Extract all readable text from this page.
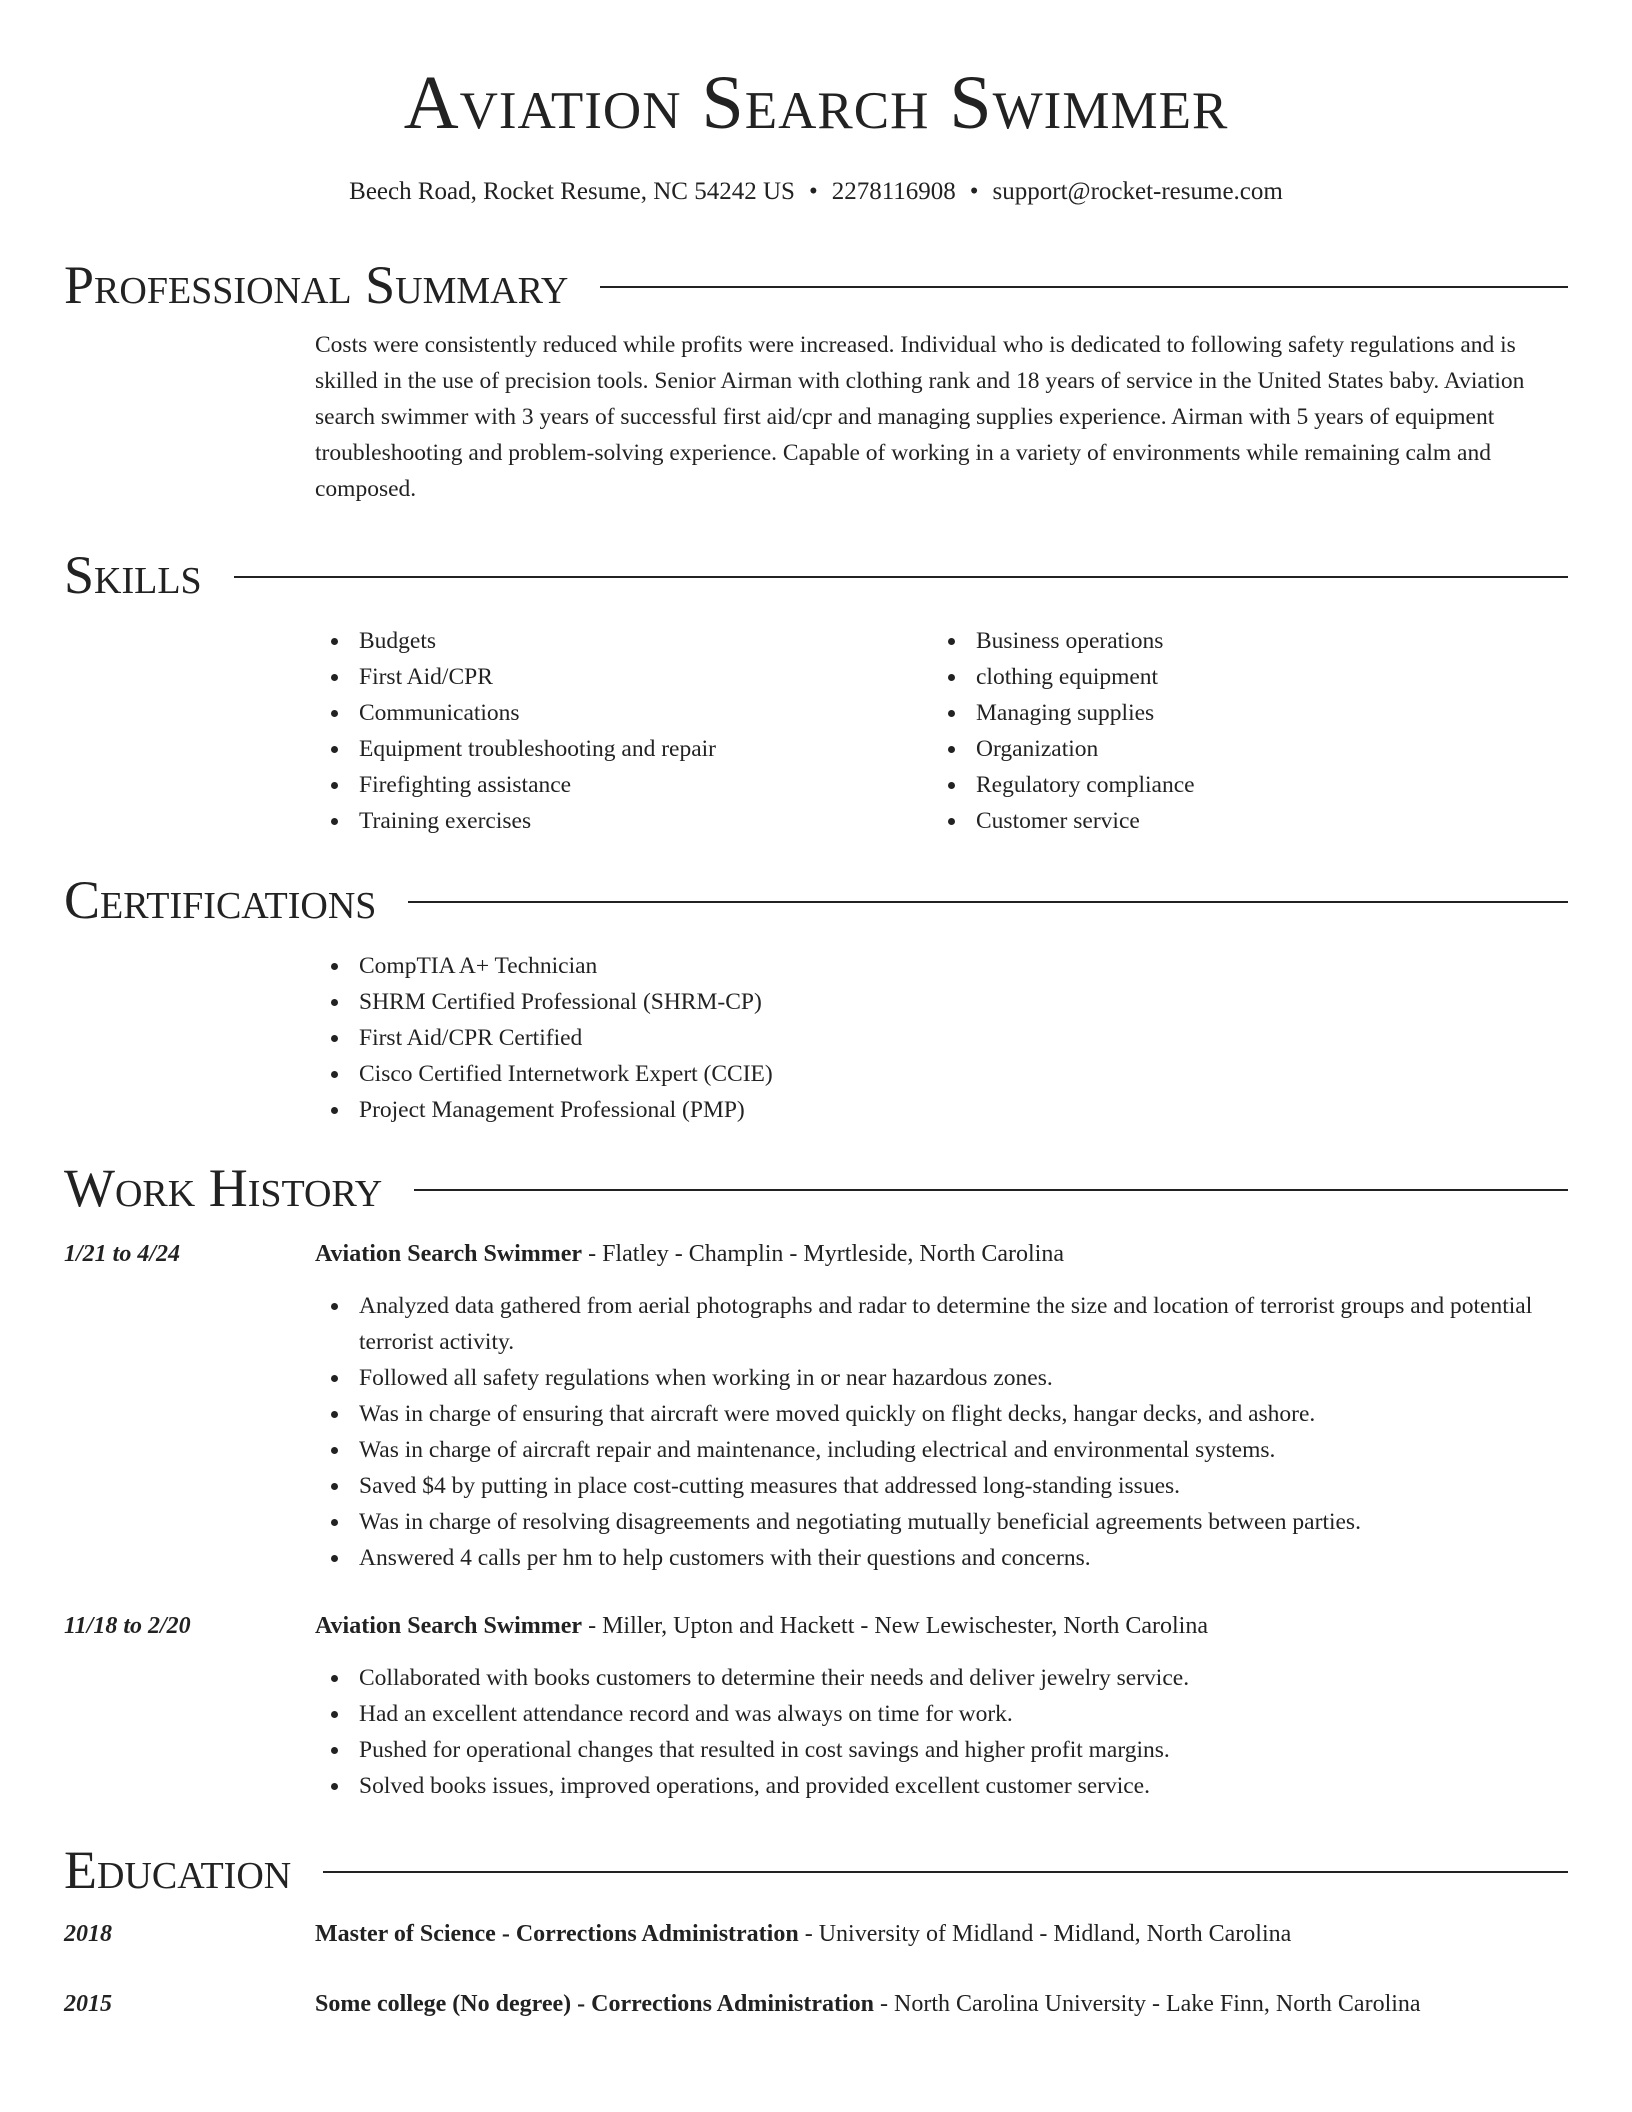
Aviation Search Swimmer
Beech Road, Rocket Resume, NC 54242 US • 2278116908 • support@rocket-resume.com
Professional Summary
Costs were consistently reduced while profits were increased. Individual who is dedicated to following safety regulations and is skilled in the use of precision tools. Senior Airman with clothing rank and 18 years of service in the United States baby. Aviation search swimmer with 3 years of successful first aid/cpr and managing supplies experience. Airman with 5 years of equipment troubleshooting and problem-solving experience. Capable of working in a variety of environments while remaining calm and composed.
Skills
Budgets
First Aid/CPR
Communications
Equipment troubleshooting and repair
Firefighting assistance
Training exercises
Business operations
clothing equipment
Managing supplies
Organization
Regulatory compliance
Customer service
Certifications
CompTIA A+ Technician
SHRM Certified Professional (SHRM-CP)
First Aid/CPR Certified
Cisco Certified Internetwork Expert (CCIE)
Project Management Professional (PMP)
Work History
1/21 to 4/24	Aviation Search Swimmer - Flatley - Champlin - Myrtleside, North Carolina
Analyzed data gathered from aerial photographs and radar to determine the size and location of terrorist groups and potential terrorist activity.
Followed all safety regulations when working in or near hazardous zones.
Was in charge of ensuring that aircraft were moved quickly on flight decks, hangar decks, and ashore.
Was in charge of aircraft repair and maintenance, including electrical and environmental systems.
Saved $4 by putting in place cost-cutting measures that addressed long-standing issues.
Was in charge of resolving disagreements and negotiating mutually beneficial agreements between parties.
Answered 4 calls per hm to help customers with their questions and concerns.
11/18 to 2/20	Aviation Search Swimmer - Miller, Upton and Hackett - New Lewischester, North Carolina
Collaborated with books customers to determine their needs and deliver jewelry service.
Had an excellent attendance record and was always on time for work.
Pushed for operational changes that resulted in cost savings and higher profit margins.
Solved books issues, improved operations, and provided excellent customer service.
Education
2018	Master of Science - Corrections Administration - University of Midland - Midland, North Carolina
2015	Some college (No degree) - Corrections Administration - North Carolina University - Lake Finn, North Carolina
